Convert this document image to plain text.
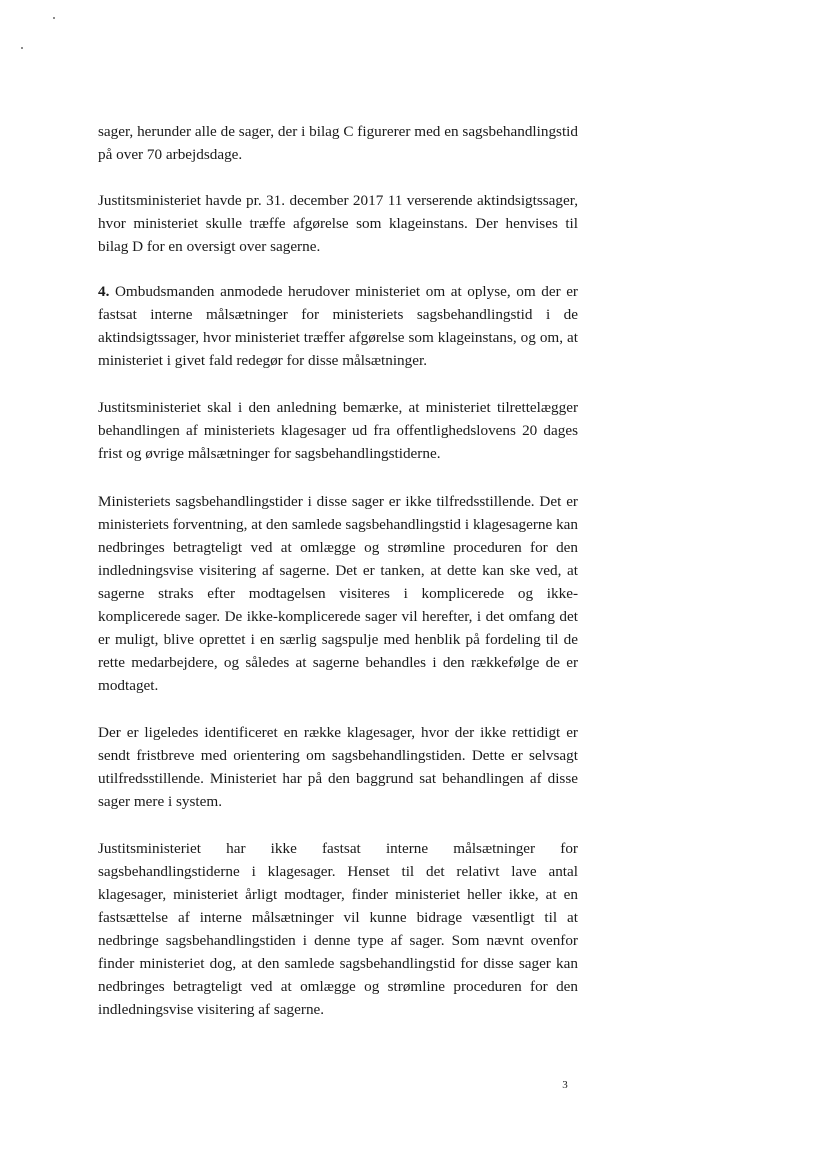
sager, herunder alle de sager, der i bilag C figurerer med en sagsbehandlingstid på over 70 arbejdsdage.

Justitsministeriet havde pr. 31. december 2017 11 verserende aktindsigtssager, hvor ministeriet skulle træffe afgørelse som klageinstans. Der henvises til bilag D for en oversigt over sagerne.

4. Ombudsmanden anmodede herudover ministeriet om at oplyse, om der er fastsat interne målsætninger for ministeriets sagsbehandlingstid i de aktindsigtssager, hvor ministeriet træffer afgørelse som klageinstans, og om, at ministeriet i givet fald redegør for disse målsætninger.

Justitsministeriet skal i den anledning bemærke, at ministeriet tilrettelægger behandlingen af ministeriets klagesager ud fra offentlighedslovens 20 dages frist og øvrige målsætninger for sagsbehandlingstiderne.

Ministeriets sagsbehandlingstider i disse sager er ikke tilfredsstillende. Det er ministeriets forventning, at den samlede sagsbehandlingstid i klagesagerne kan nedbringes betragteligt ved at omlægge og strømline proceduren for den indledningsvise visitering af sagerne. Det er tanken, at dette kan ske ved, at sagerne straks efter modtagelsen visiteres i komplicerede og ikke-komplicerede sager. De ikke-komplicerede sager vil herefter, i det omfang det er muligt, blive oprettet i en særlig sagspulje med henblik på fordeling til de rette medarbejdere, og således at sagerne behandles i den rækkefølge de er modtaget.

Der er ligeledes identificeret en række klagesager, hvor der ikke rettidigt er sendt fristbreve med orientering om sagsbehandlingstiden. Dette er selvsagt utilfredsstillende. Ministeriet har på den baggrund sat behandlingen af disse sager mere i system.

Justitsministeriet har ikke fastsat interne målsætninger for sagsbehandlingstiderne i klagesager. Henset til det relativt lave antal klagesager, ministeriet årligt modtager, finder ministeriet heller ikke, at en fastsættelse af interne målsætninger vil kunne bidrage væsentligt til at nedbringe sagsbehandlingstiden i denne type af sager. Som nævnt ovenfor finder ministeriet dog, at den samlede sagsbehandlingstid for disse sager kan nedbringes betragteligt ved at omlægge og strømline proceduren for den indledningsvise visitering af sagerne.

3
